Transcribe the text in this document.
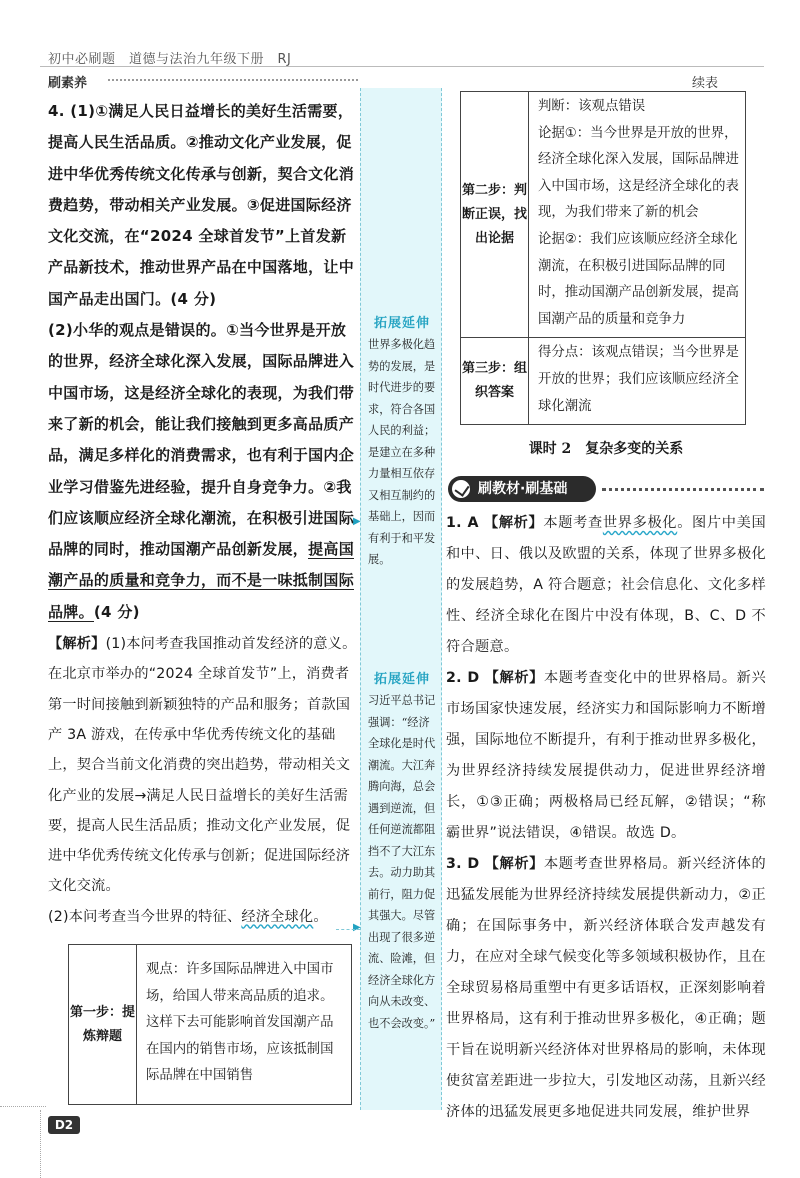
初中必刷题　道德与法治九年级下册　RJ
刷素养	续表
拓展延伸
世界多极化趋势的发展，是时代进步的要求，符合各国人民的利益；是建立在多种力量相互依存又相互制约的基础上，因而有利于和平发展。
▶
拓展延伸
习近平总书记强调：“经济全球化是时代潮流。大江奔腾向海，总会遇到逆流，但任何逆流都阻挡不了大江东去。动力助其前行，阻力促其强大。尽管出现了很多逆流、险滩，但经济全球化方向从未改变、也不会改变。”
▶
4. (1)①满足人民日益增长的美好生活需要，提高人民生活品质。②推动文化产业发展，促进中华优秀传统文化传承与创新，契合文化消费趋势，带动相关产业发展。③促进国际经济文化交流，在“2024 全球首发节”上首发新产品新技术，推动世界产品在中国落地，让中国产品走出国门。(4 分)
(2)小华的观点是错误的。①当今世界是开放的世界，经济全球化深入发展，国际品牌进入中国市场，这是经济全球化的表现，为我们带来了新的机会，能让我们接触到更多高品质产品，满足多样化的消费需求，也有利于国内企业学习借鉴先进经验，提升自身竞争力。②我们应该顺应经济全球化潮流，在积极引进国际品牌的同时，推动国潮产品创新发展，提高国潮产品的质量和竞争力，而不是一味抵制国际品牌。(4 分)
【解析】(1)本问考查我国推动首发经济的意义。在北京市举办的“2024 全球首发节”上，消费者第一时间接触到新颖独特的产品和服务；首款国产 3A 游戏，在传承中华优秀传统文化的基础上，契合当前文化消费的突出趋势，带动相关文化产业的发展→满足人民日益增长的美好生活需要，提高人民生活品质；推动文化产业发展，促进中华优秀传统文化传承与创新；促进国际经济文化交流。
(2)本问考查当今世界的特征、经济全球化。
第一步：提炼辩题	观点：许多国际品牌进入中国市场，给国人带来高品质的追求。这样下去可能影响首发国潮产品在国内的销售市场，应该抵制国际品牌在中国销售
第二步：判断正误，找出论据	判断：该观点错误
论据①：当今世界是开放的世界，经济全球化深入发展，国际品牌进入中国市场，这是经济全球化的表现，为我们带来了新的机会
论据②：我们应该顺应经济全球化潮流，在积极引进国际品牌的同时，推动国潮产品创新发展，提高国潮产品的质量和竞争力
第三步：组织答案	得分点：该观点错误；当今世界是开放的世界；我们应该顺应经济全球化潮流
课时 2　复杂多变的关系
刷教材·刷基础

1. A 【解析】本题考查世界多极化。图片中美国和中、日、俄以及欧盟的关系，体现了世界多极化的发展趋势，A 符合题意；社会信息化、文化多样性、经济全球化在图片中没有体现，B、C、D 不符合题意。

2. D 【解析】本题考查变化中的世界格局。新兴市场国家快速发展，经济实力和国际影响力不断增强，国际地位不断提升，有利于推动世界多极化，为世界经济持续发展提供动力，促进世界经济增长，①③正确；两极格局已经瓦解，②错误；“称霸世界”说法错误，④错误。故选 D。

3. D 【解析】本题考查世界格局。新兴经济体的迅猛发展能为世界经济持续发展提供新动力，②正确；在国际事务中，新兴经济体联合发声越发有力，在应对全球气候变化等多领域积极协作，且在全球贸易格局重塑中有更多话语权，正深刻影响着世界格局，这有利于推动世界多极化，④正确；题干旨在说明新兴经济体对世界格局的影响，未体现使贫富差距进一步拉大，引发地区动荡，且新兴经济体的迅猛发展更多地促进共同发展，维护世界

D2
